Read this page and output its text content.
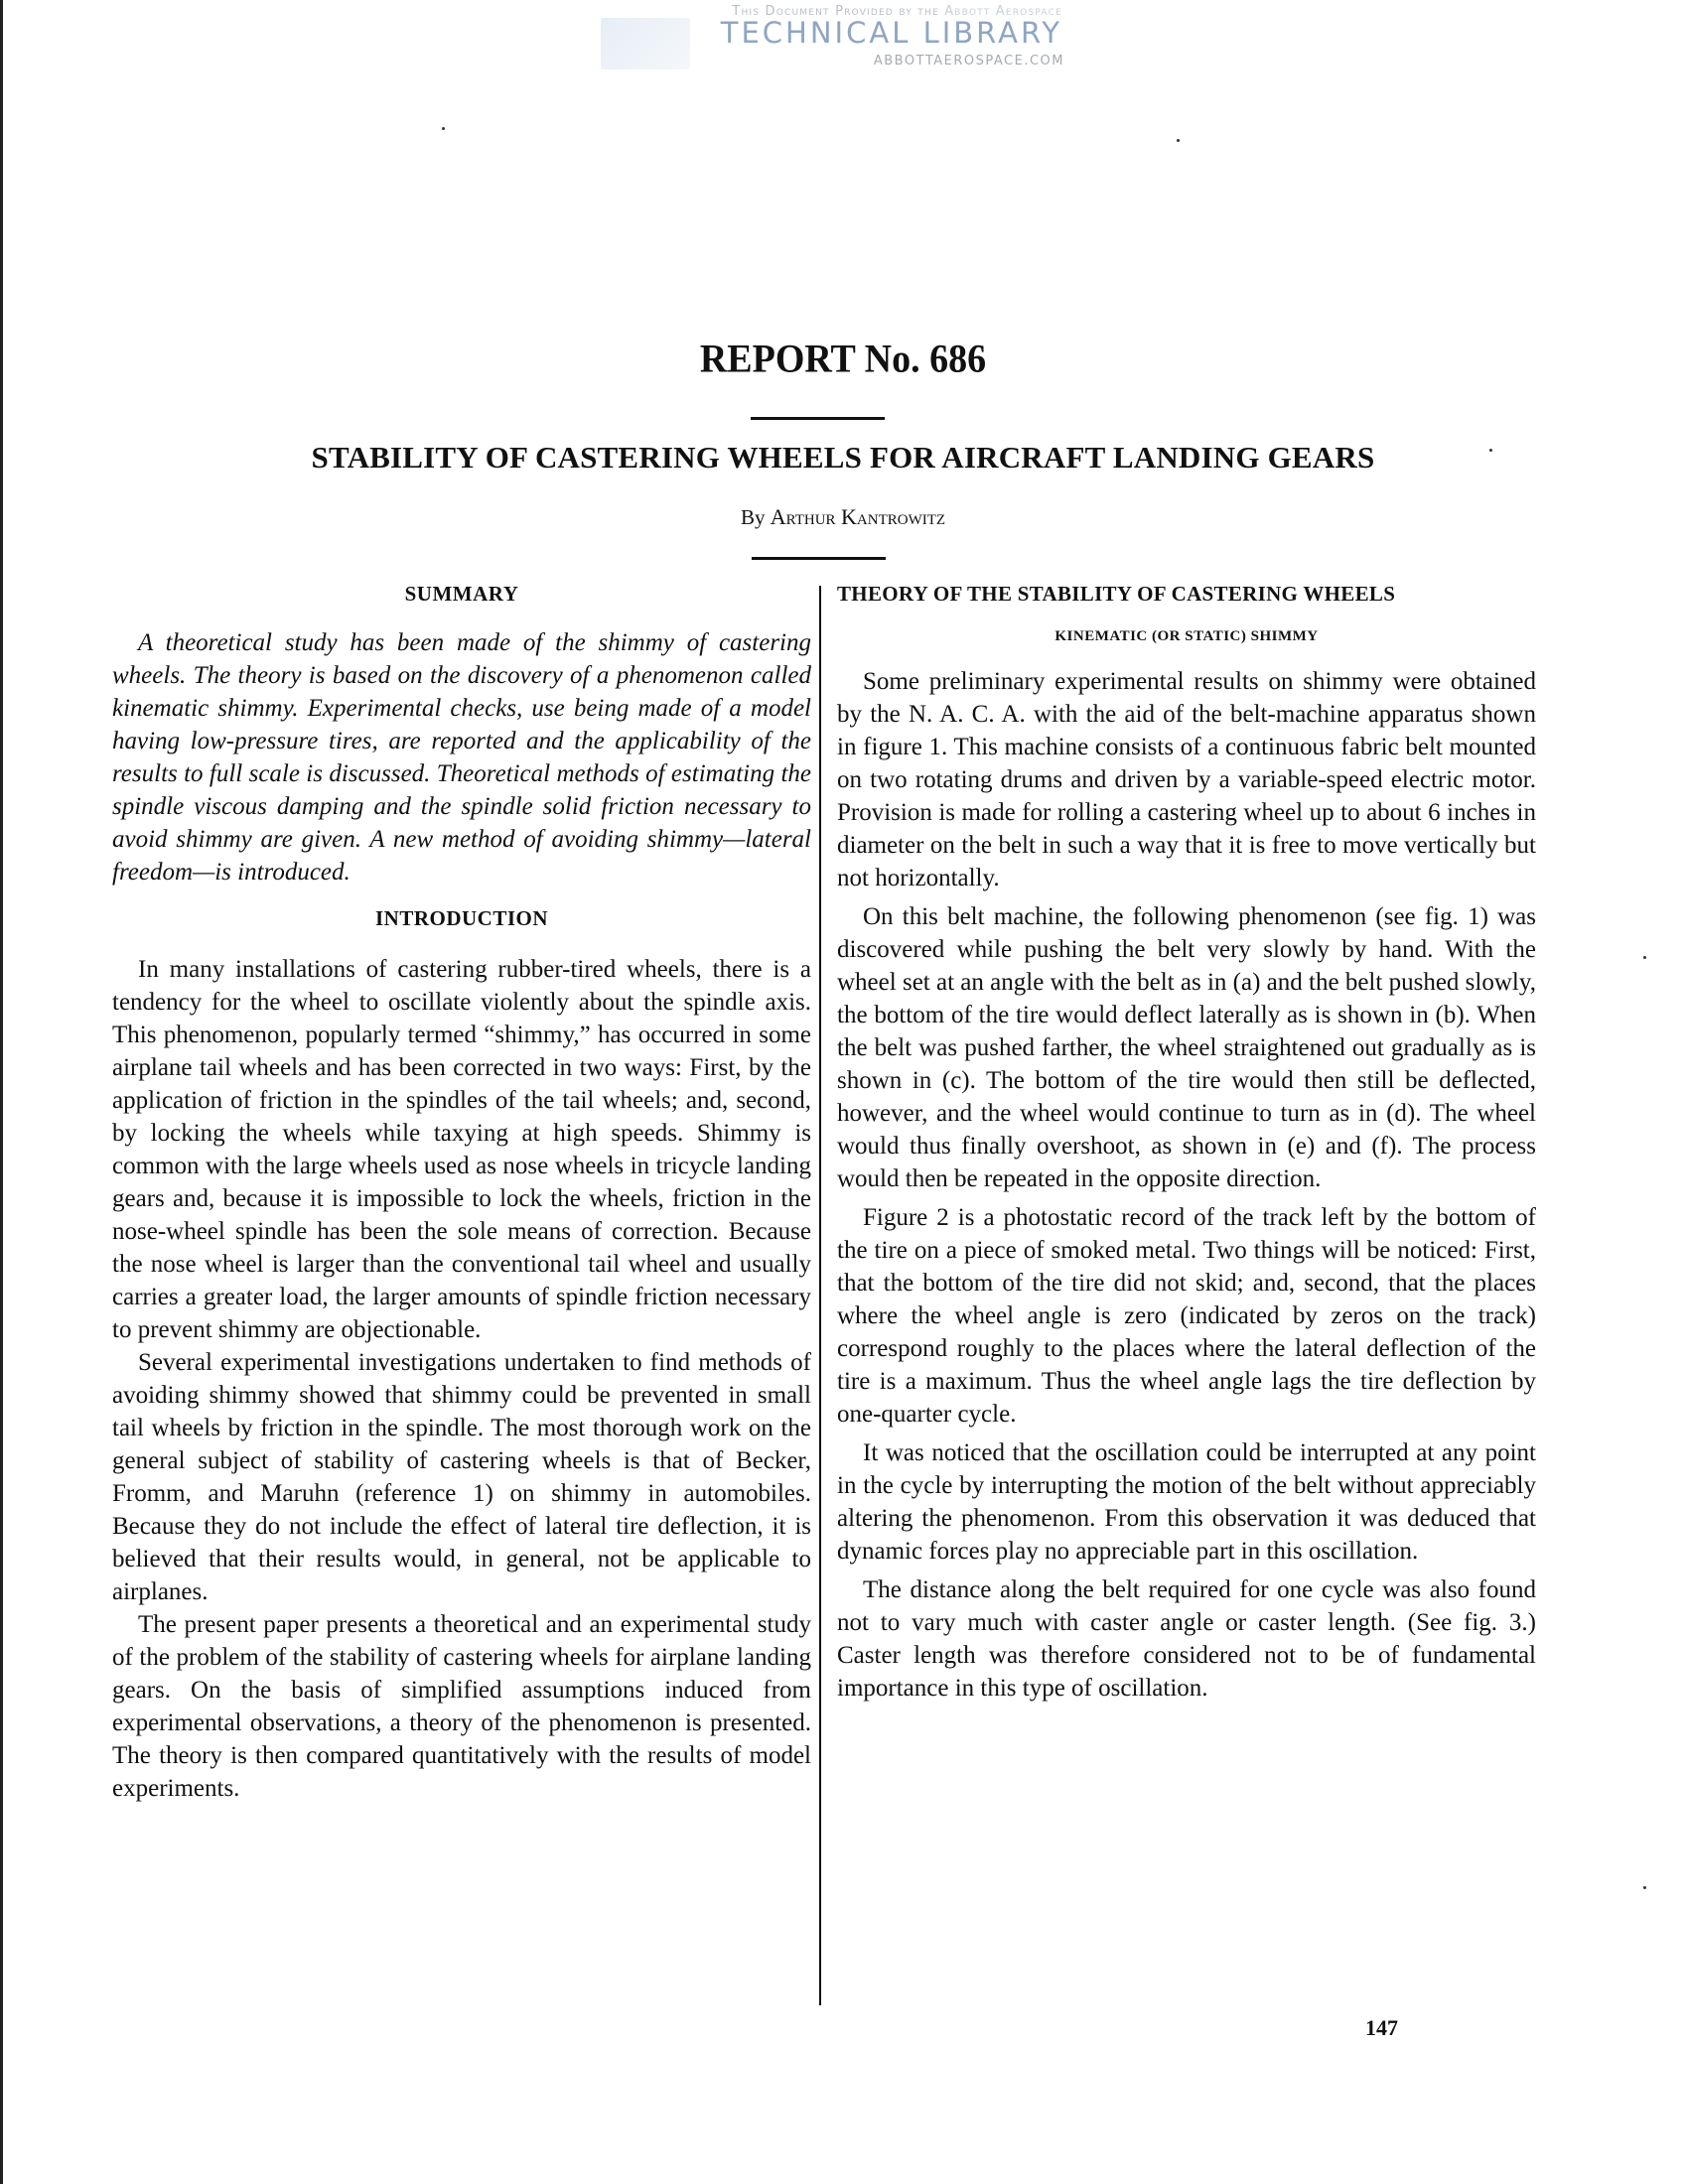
This Document Provided by the Abbott Aerospace
TECHNICAL LIBRARY
ABBOTTAEROSPACE.COM
REPORT No. 686
STABILITY OF CASTERING WHEELS FOR AIRCRAFT LANDING GEARS
By Arthur Kantrowitz
SUMMARY

A theoretical study has been made of the shimmy of castering wheels. The theory is based on the discovery of a phenomenon called kinematic shimmy. Experimental checks, use being made of a model having low-pressure tires, are reported and the applicability of the results to full scale is discussed. Theoretical methods of estimating the spindle viscous damping and the spindle solid friction necessary to avoid shimmy are given. A new method of avoiding shimmy—lateral freedom—is introduced.

INTRODUCTION

In many installations of castering rubber-tired wheels, there is a tendency for the wheel to oscillate violently about the spindle axis. This phenomenon, popularly termed “shimmy,” has occurred in some airplane tail wheels and has been corrected in two ways: First, by the application of friction in the spindles of the tail wheels; and, second, by locking the wheels while taxying at high speeds. Shimmy is common with the large wheels used as nose wheels in tricycle landing gears and, because it is impossible to lock the wheels, friction in the nose-wheel spindle has been the sole means of correction. Because the nose wheel is larger than the conventional tail wheel and usually carries a greater load, the larger amounts of spindle friction necessary to prevent shimmy are objectionable.

Several experimental investigations undertaken to find methods of avoiding shimmy showed that shimmy could be prevented in small tail wheels by friction in the spindle. The most thorough work on the general subject of stability of castering wheels is that of Becker, Fromm, and Maruhn (reference 1) on shimmy in automobiles. Because they do not include the effect of lateral tire deflection, it is believed that their results would, in general, not be applicable to airplanes.

The present paper presents a theoretical and an experimental study of the problem of the stability of castering wheels for airplane landing gears. On the basis of simplified assumptions induced from experimental observations, a theory of the phenomenon is presented. The theory is then compared quantitatively with the results of model experiments.

THEORY OF THE STABILITY OF CASTERING WHEELS
KINEMATIC (OR STATIC) SHIMMY

Some preliminary experimental results on shimmy were obtained by the N. A. C. A. with the aid of the belt-machine apparatus shown in figure 1. This machine consists of a continuous fabric belt mounted on two rotating drums and driven by a variable-speed electric motor. Provision is made for rolling a castering wheel up to about 6 inches in diameter on the belt in such a way that it is free to move vertically but not horizontally.

On this belt machine, the following phenomenon (see fig. 1) was discovered while pushing the belt very slowly by hand. With the wheel set at an angle with the belt as in (a) and the belt pushed slowly, the bottom of the tire would deflect laterally as is shown in (b). When the belt was pushed farther, the wheel straightened out gradually as is shown in (c). The bottom of the tire would then still be deflected, however, and the wheel would continue to turn as in (d). The wheel would thus finally overshoot, as shown in (e) and (f). The process would then be repeated in the opposite direction.

Figure 2 is a photostatic record of the track left by the bottom of the tire on a piece of smoked metal. Two things will be noticed: First, that the bottom of the tire did not skid; and, second, that the places where the wheel angle is zero (indicated by zeros on the track) correspond roughly to the places where the lateral deflection of the tire is a maximum. Thus the wheel angle lags the tire deflection by one-quarter cycle.

It was noticed that the oscillation could be interrupted at any point in the cycle by interrupting the motion of the belt without appreciably altering the phenomenon. From this observation it was deduced that dynamic forces play no appreciable part in this oscillation.

The distance along the belt required for one cycle was also found not to vary much with caster angle or caster length. (See fig. 3.) Caster length was therefore considered not to be of fundamental importance in this type of oscillation.

147
